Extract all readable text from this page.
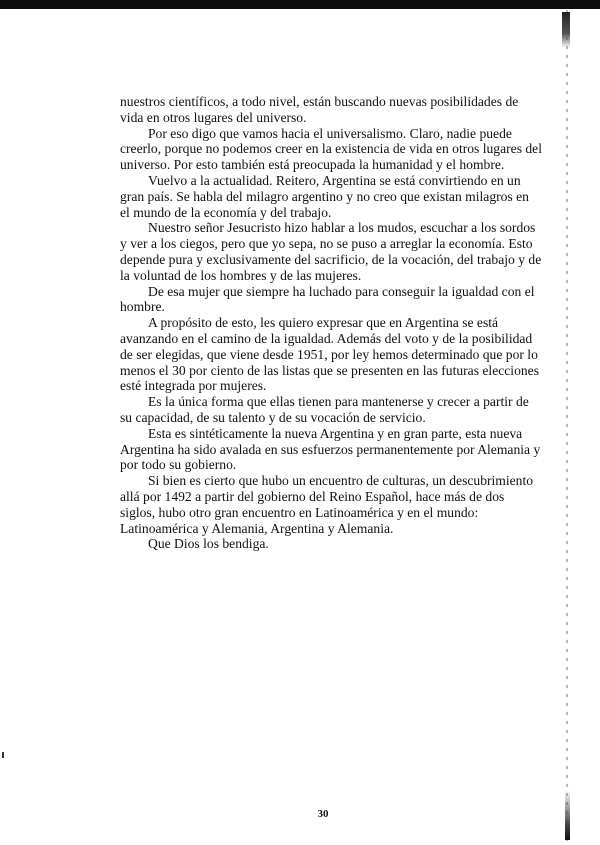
nuestros científicos, a todo nivel, están buscando nuevas posibilidades de vida en otros lugares del universo.

Por eso digo que vamos hacia el universalismo. Claro, nadie puede creerlo, porque no podemos creer en la existencia de vida en otros lugares del universo. Por esto también está preocupada la humanidad y el hombre.

Vuelvo a la actualidad. Reitero, Argentina se está convirtiendo en un gran país. Se habla del milagro argentino y no creo que existan milagros en el mundo de la economía y del trabajo.

Nuestro señor Jesucristo hizo hablar a los mudos, escuchar a los sordos y ver a los ciegos, pero que yo sepa, no se puso a arreglar la economía. Esto depende pura y exclusivamente del sacrificio, de la vocación, del trabajo y de la voluntad de los hombres y de las mujeres.

De esa mujer que siempre ha luchado para conseguir la igualdad con el hombre.

A propósito de esto, les quiero expresar que en Argentina se está avanzando en el camino de la igualdad. Además del voto y de la posibilidad de ser elegidas, que viene desde 1951, por ley hemos determinado que por lo menos el 30 por ciento de las listas que se presenten en las futuras elecciones esté integrada por mujeres.

Es la única forma que ellas tienen para mantenerse y crecer a partir de su capacidad, de su talento y de su vocación de servicio.

Esta es sintéticamente la nueva Argentina y en gran parte, esta nueva Argentina ha sido avalada en sus esfuerzos permanentemente por Alemania y por todo su gobierno.

Si bien es cierto que hubo un encuentro de culturas, un descubrimiento allá por 1492 a partir del gobierno del Reino Español, hace más de dos siglos, hubo otro gran encuentro en Latinoamérica y en el mundo: Latinoamérica y Alemania, Argentina y Alemania.

Que Dios los bendiga.

30
